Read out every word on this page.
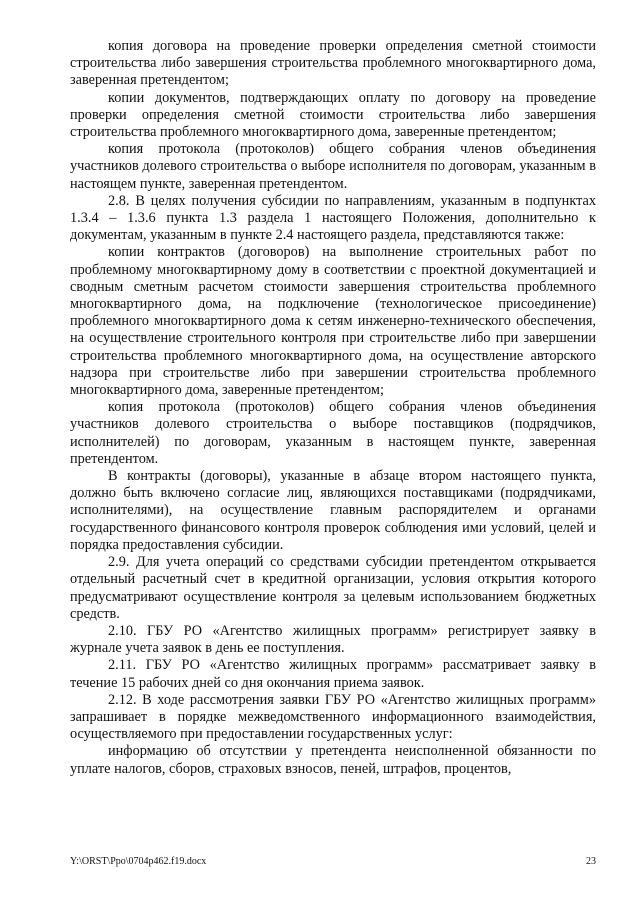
копия договора на проведение проверки определения сметной стоимости строительства либо завершения строительства проблемного многоквартирного дома, заверенная претендентом;

копии документов, подтверждающих оплату по договору на проведение проверки определения сметной стоимости строительства либо завершения строительства проблемного многоквартирного дома, заверенные претендентом;

копия протокола (протоколов) общего собрания членов объединения участников долевого строительства о выборе исполнителя по договорам, указанным в настоящем пункте, заверенная претендентом.

2.8. В целях получения субсидии по направлениям, указанным в подпунктах 1.3.4 – 1.3.6 пункта 1.3 раздела 1 настоящего Положения, дополнительно к документам, указанным в пункте 2.4 настоящего раздела, представляются также:

копии контрактов (договоров) на выполнение строительных работ по проблемному многоквартирному дому в соответствии с проектной документацией и сводным сметным расчетом стоимости завершения строительства проблемного многоквартирного дома, на подключение (технологическое присоединение) проблемного многоквартирного дома к сетям инженерно-технического обеспечения, на осуществление строительного контроля при строительстве либо при завершении строительства проблемного многоквартирного дома, на осуществление авторского надзора при строительстве либо при завершении строительства проблемного многоквартирного дома, заверенные претендентом;

копия протокола (протоколов) общего собрания членов объединения участников долевого строительства о выборе поставщиков (подрядчиков, исполнителей) по договорам, указанным в настоящем пункте, заверенная претендентом.

В контракты (договоры), указанные в абзаце втором настоящего пункта, должно быть включено согласие лиц, являющихся поставщиками (подрядчиками, исполнителями), на осуществление главным распорядителем и органами государственного финансового контроля проверок соблюдения ими условий, целей и порядка предоставления субсидии.

2.9. Для учета операций со средствами субсидии претендентом открывается отдельный расчетный счет в кредитной организации, условия открытия которого предусматривают осуществление контроля за целевым использованием бюджетных средств.

2.10. ГБУ РО «Агентство жилищных программ» регистрирует заявку в журнале учета заявок в день ее поступления.

2.11. ГБУ РО «Агентство жилищных программ» рассматривает заявку в течение 15 рабочих дней со дня окончания приема заявок.

2.12. В ходе рассмотрения заявки ГБУ РО «Агентство жилищных программ» запрашивает в порядке межведомственного информационного взаимодействия, осуществляемого при предоставлении государственных услуг:

информацию об отсутствии у претендента неисполненной обязанности по уплате налогов, сборов, страховых взносов, пеней, штрафов, процентов,

Y:\ORST\Ppo\0704p462.f19.docx	23
